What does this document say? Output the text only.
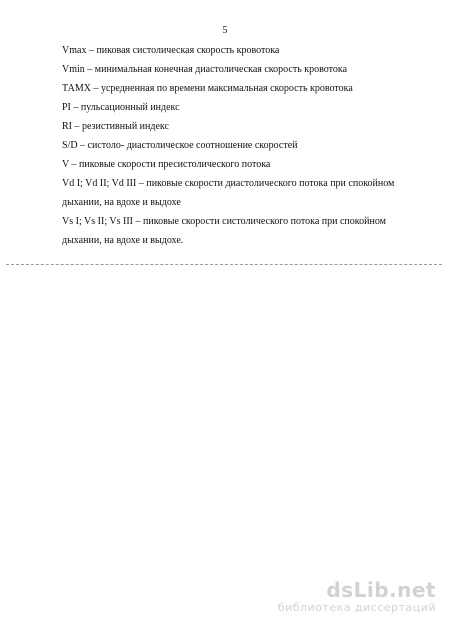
5
Vmax – пиковая систолическая скорость кровотока
Vmin – минимальная конечная диастолическая скорость кровотока
ТАМХ – усредненная по времени максимальная скорость кровотока
PI – пульсационный индекс
RI – резистивный индекс
S/D – систоло- диастолическое соотношение скоростей
V – пиковые скорости пресистолического потока
Vd I; Vd II; Vd III – пиковые скорости диастолического потока при спокойном дыхании, на вдохе и выдохе
Vs I; Vs II; Vs III – пиковые скорости систолического потока при спокойном дыхании, на вдохе и выдохе.
dsLib.net
библиотека диссертаций
